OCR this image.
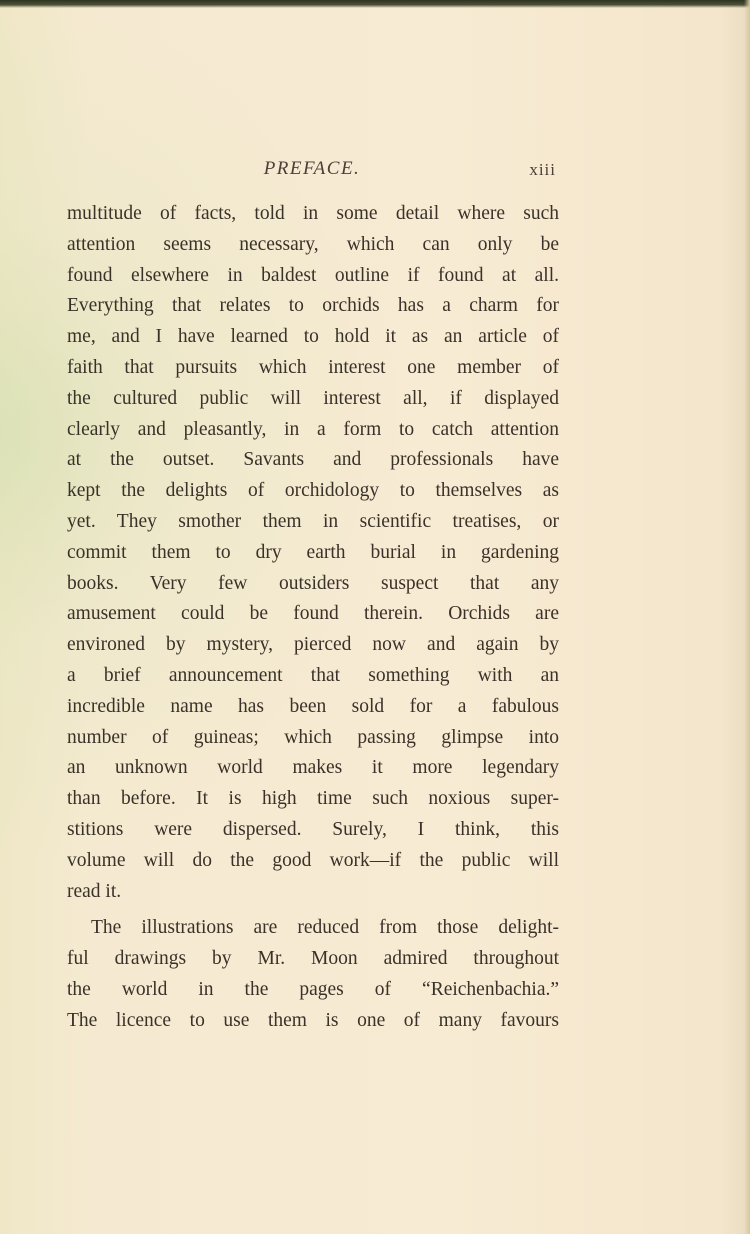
PREFACE.	xiii
multitude of facts, told in some detail where such
attention seems necessary, which can only be
found elsewhere in baldest outline if found at all.
Everything that relates to orchids has a charm for
me, and I have learned to hold it as an article of
faith that pursuits which interest one member of
the cultured public will interest all, if displayed
clearly and pleasantly, in a form to catch attention
at the outset. Savants and professionals have
kept the delights of orchidology to themselves as
yet. They smother them in scientific treatises, or
commit them to dry earth burial in gardening
books. Very few outsiders suspect that any
amusement could be found therein. Orchids are
environed by mystery, pierced now and again by
a brief announcement that something with an
incredible name has been sold for a fabulous
number of guineas; which passing glimpse into
an unknown world makes it more legendary
than before. It is high time such noxious super-
stitions were dispersed. Surely, I think, this
volume will do the good work—if the public will
read it.
The illustrations are reduced from those delight-
ful drawings by Mr. Moon admired throughout
the world in the pages of “Reichenbachia.”
The licence to use them is one of many favours
